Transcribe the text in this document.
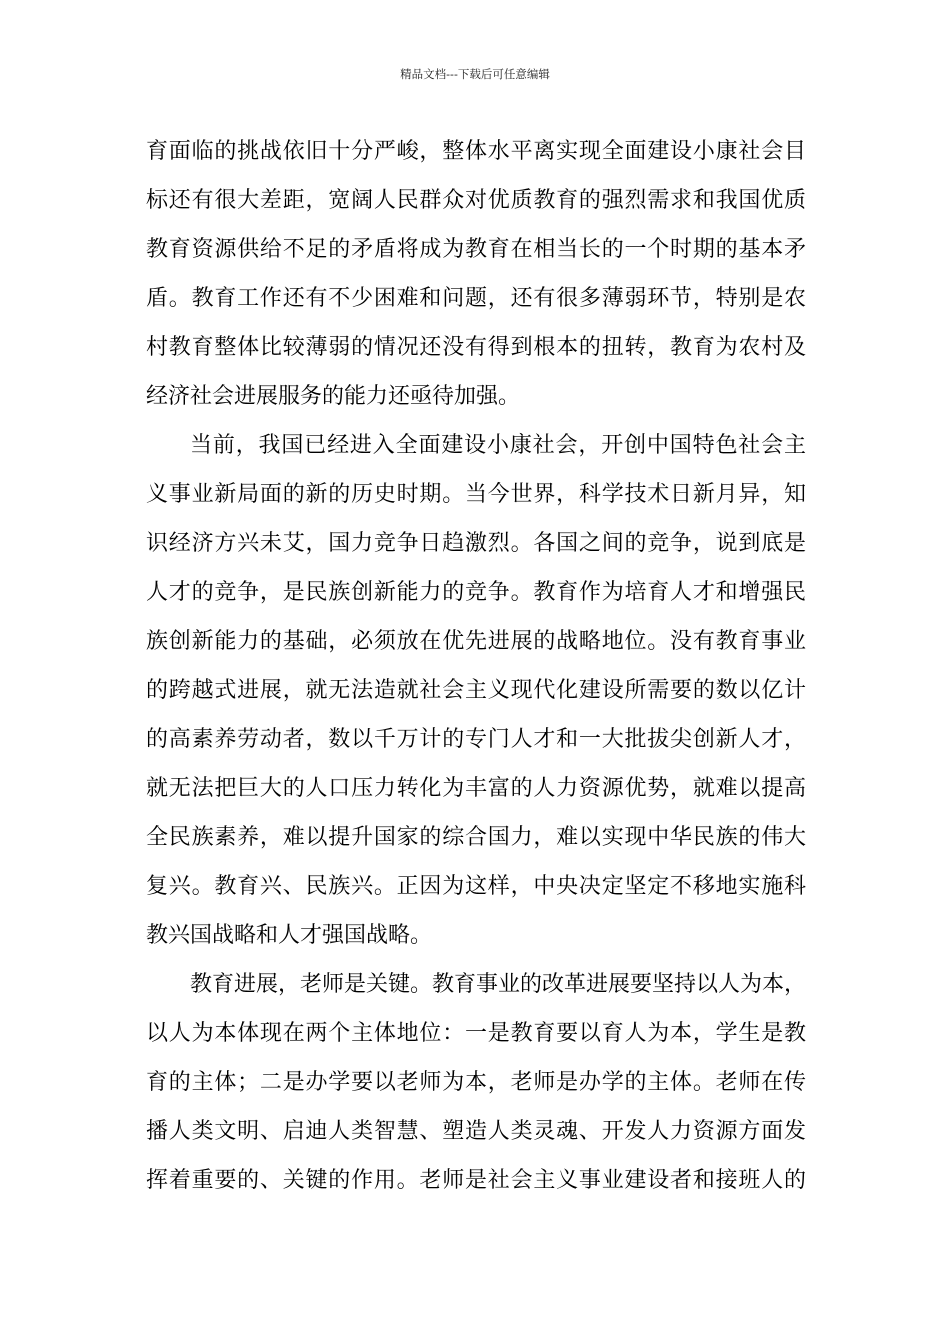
精品文档---下载后可任意编辑
育面临的挑战依旧十分严峻，整体水平离实现全面建设小康社会目
标还有很大差距，宽阔人民群众对优质教育的强烈需求和我国优质
教育资源供给不足的矛盾将成为教育在相当长的一个时期的基本矛
盾。教育工作还有不少困难和问题，还有很多薄弱环节，特别是农
村教育整体比较薄弱的情况还没有得到根本的扭转，教育为农村及
经济社会进展服务的能力还亟待加强。
当前，我国已经进入全面建设小康社会，开创中国特色社会主
义事业新局面的新的历史时期。当今世界，科学技术日新月异，知
识经济方兴未艾，国力竞争日趋激烈。各国之间的竞争，说到底是
人才的竞争，是民族创新能力的竞争。教育作为培育人才和增强民
族创新能力的基础，必须放在优先进展的战略地位。没有教育事业
的跨越式进展，就无法造就社会主义现代化建设所需要的数以亿计
的高素养劳动者，数以千万计的专门人才和一大批拔尖创新人才，
就无法把巨大的人口压力转化为丰富的人力资源优势，就难以提高
全民族素养，难以提升国家的综合国力，难以实现中华民族的伟大
复兴。教育兴、民族兴。正因为这样，中央决定坚定不移地实施科
教兴国战略和人才强国战略。
教育进展，老师是关键。教育事业的改革进展要坚持以人为本，
以人为本体现在两个主体地位：一是教育要以育人为本，学生是教
育的主体；二是办学要以老师为本，老师是办学的主体。老师在传
播人类文明、启迪人类智慧、塑造人类灵魂、开发人力资源方面发
挥着重要的、关键的作用。老师是社会主义事业建设者和接班人的
